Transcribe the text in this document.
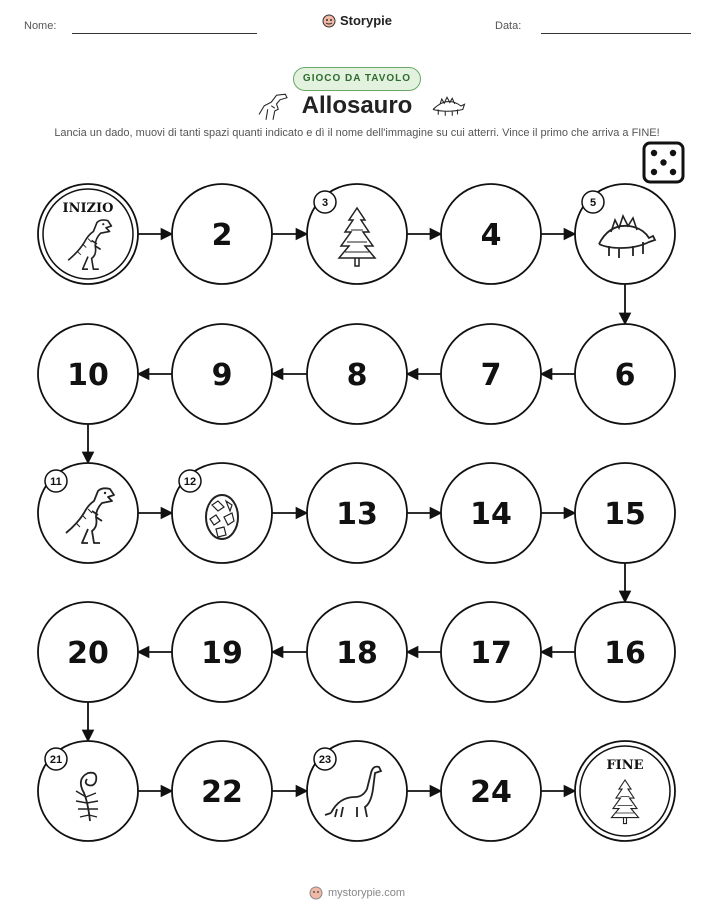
Nome:	Storypie	Data:
GIOCO DA TAVOLO
Allosauro
Lancia un dado, muovi di tanti spazi quanti indicato e dì il nome dell'immagine su cui atterri. Vince il primo che arriva a FINE!
INIZIO
2
3
4
5
6
7
8
9
10
11	12
13	14	15
16
17
18
19
20
21
22
23
24
FINE
mystorypie.com
